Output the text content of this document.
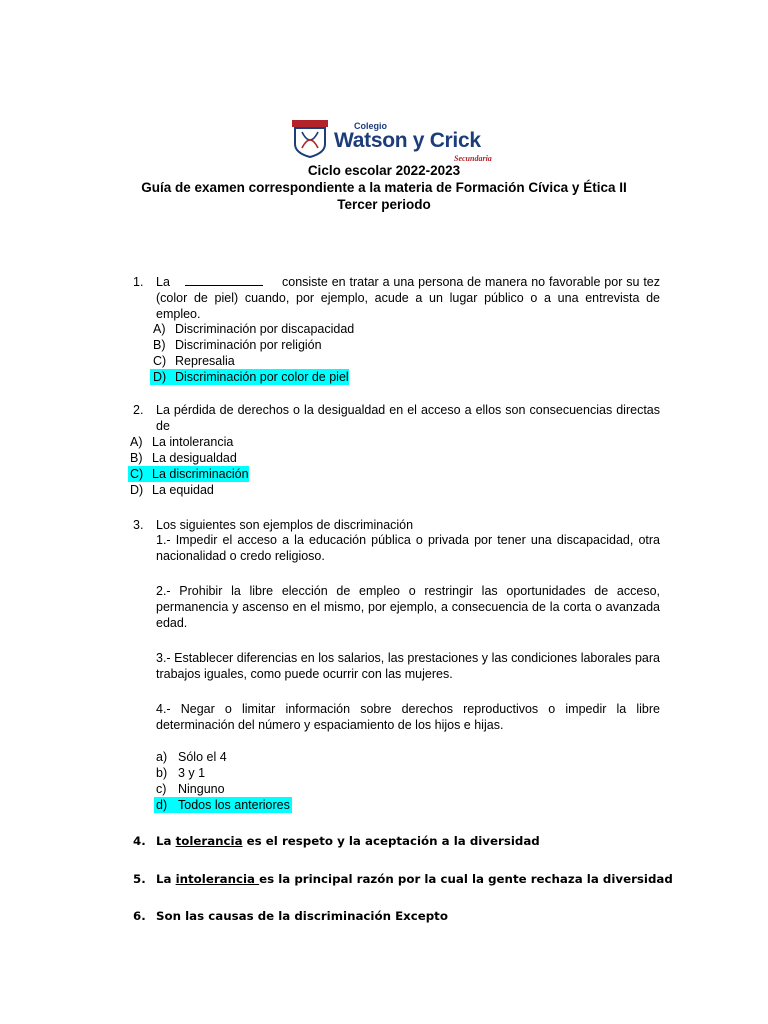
Colegio
Watson y Crick
Secundaria
Ciclo escolar 2022-2023
Guía de examen correspondiente a la materia de Formación Cívica y Ética II
Tercer periodo
1.	La	consiste en tratar a una persona de manera no favorable por su tez
(color de piel) cuando, por ejemplo, acude a un lugar público o a una entrevista de
empleo.
A) Discriminación por discapacidad
B) Discriminación por religión
C) Represalia
D) Discriminación por color de piel
2.	La pérdida de derechos o la desigualdad en el acceso a ellos son consecuencias directas
de
A) La intolerancia
B) La desigualdad
C) La discriminación
D) La equidad
3.	Los siguientes son ejemplos de discriminación
1.- Impedir el acceso a la educación pública o privada por tener una discapacidad, otra nacionalidad o credo religioso.
2.- Prohibir la libre elección de empleo o restringir las oportunidades de acceso, permanencia y ascenso en el mismo, por ejemplo, a consecuencia de la corta o avanzada edad.
3.- Establecer diferencias en los salarios, las prestaciones y las condiciones laborales para trabajos iguales, como puede ocurrir con las mujeres.
4.- Negar o limitar información sobre derechos reproductivos o impedir la libre determinación del número y espaciamiento de los hijos e hijas.
a) Sólo el 4
b) 3 y 1
c) Ninguno
d) Todos los anteriores
4. La tolerancia es el respeto y la aceptación a la diversidad
5. La intolerancia es la principal razón por la cual la gente rechaza la diversidad
6. Son las causas de la discriminación Excepto
